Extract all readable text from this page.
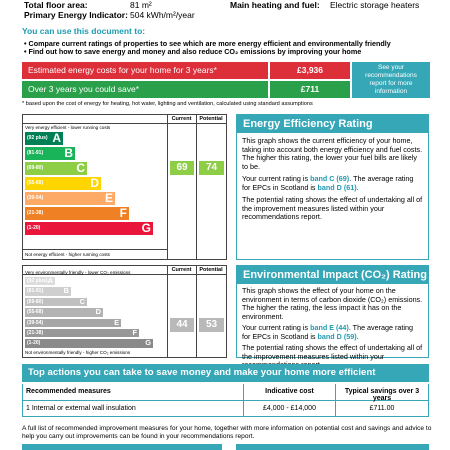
Total floor area:	81 m²
Primary Energy Indicator: 504 kWh/m²/year
Main heating and fuel: Electric storage heaters
You can use this document to:
• Compare current ratings of properties to see which are more energy efficient and environmentally friendly
• Find out how to save energy and money and also reduce CO₂ emissions by improving your home
Estimated energy costs for your home for 3 years*	£3,936
Over 3 years you could save*	£711
See your recommendations report for more information
* based upon the cost of energy for heating, hot water, lighting and ventilation, calculated using standard assumptions
Current	Potential
Very energy efficient - lower running costs
Not energy efficient - higher running costs
(92 plus) A
(81-91) B
(69-80)	C
(55-68)	D
(39-54)	E
(21-38)	F
(1-20)	G
69	74
Current	Potential
Very environmentally friendly - lower CO₂ emissions
Not environmentally friendly - higher CO₂ emissions
(92 plus) A
(81-91)	B
(69-80)	C
(55-68)	D
(39-54)	E
(21-38)	F
(1-20)	G
44	53
Energy Efficiency Rating
This graph shows the current efficiency of your home, taking into account both energy efficiency and fuel costs. The higher this rating, the lower your fuel bills are likely to be.
Your current rating is band C (69). The average rating for EPCs in Scotland is band D (61).
The potential rating shows the effect of undertaking all of the improvement measures listed within your recommendations report.
Environmental Impact (CO₂) Rating
This graph shows the effect of your home on the environment in terms of carbon dioxide (CO₂) emissions. The higher the rating, the less impact it has on the environment.
Your current rating is band E (44). The average rating for EPCs in Scotland is band D (59).
The potential rating shows the effect of undertaking all of the improvement measures listed within your
Top actions you can take to save money and make your home more efficient
Recommended measures	Indicative cost	Typical savings over 3 years
1 Internal or external wall insulation	£4,000 - £14,000	£711.00
A full list of recommended improvement measures for your home, together with more information on potential cost and savings and advice to help you carry out improvements can be found in your recommendations report.
